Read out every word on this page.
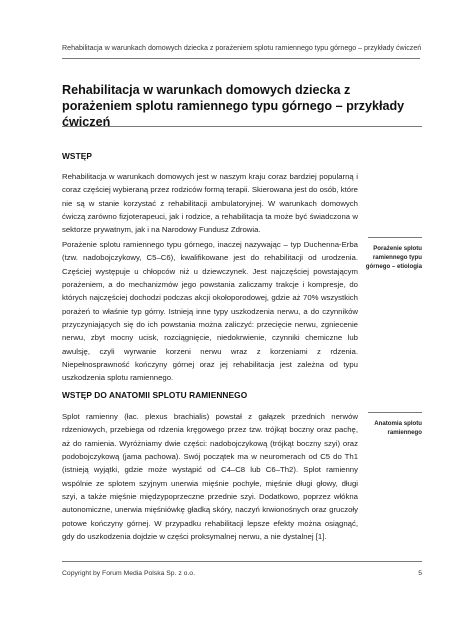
Rehabilitacja w warunkach domowych dziecka z porażeniem splotu ramiennego typu górnego – przykłady ćwiczeń
Rehabilitacja w warunkach domowych dziecka z porażeniem splotu ramiennego typu górnego – przykłady ćwiczeń
WSTĘP

Rehabilitacja w warunkach domowych jest w naszym kraju coraz bardziej popularną i coraz częściej wybieraną przez rodziców formą terapii. Skierowana jest do osób, które nie są w stanie korzystać z rehabilitacji ambulatoryjnej. W warunkach domowych ćwiczą zarówno fizjoterapeuci, jak i rodzice, a rehabilitacja ta może być świadczona w sektorze prywatnym, jak i na Narodowy Fundusz Zdrowia.

Porażenie splotu ramiennego typu górnego, inaczej nazywając – typ Duchenna-Erba (tzw. nadobojczykowy, C5–C6), kwalifikowane jest do rehabilitacji od urodzenia. Częściej występuje u chłopców niż u dziewczynek. Jest najczęściej powstającym porażeniem, a do mechanizmów jego powstania zaliczamy trakcje i kompresje, do których najczęściej dochodzi podczas akcji okołoporodowej, gdzie aż 70% wszystkich porażeń to właśnie typ górny. Istnieją inne typy uszkodzenia nerwu, a do czynników przyczyniających się do ich powstania można zaliczyć: przecięcie nerwu, zgniecenie nerwu, zbyt mocny ucisk, rozciągnięcie, niedokrwienie, czynniki chemiczne lub awulsję, czyli wyrwanie korzeni nerwu wraz z korzeniami z rdzenia. Niepełnosprawność kończyny górnej oraz jej rehabilitacja jest zależna od typu uszkodzenia splotu ramiennego.

Porażenie splotu ramiennego typu górnego – etiologia

WSTĘP DO ANATOMII SPLOTU RAMIENNEGO

Anatomia splotu ramiennego

Splot ramienny (łac. plexus brachialis) powstał z gałązek przednich nerwów rdzeniowych, przebiega od rdzenia kręgowego przez tzw. trójkąt boczny oraz pachę, aż do ramienia. Wyróżniamy dwie części: nadobojczykową (trójkąt boczny szyi) oraz podobojczykową (jama pachowa). Swój początek ma w neuromerach od C5 do Th1 (istnieją wyjątki, gdzie może wystąpić od C4–C8 lub C6–Th2). Splot ramienny wspólnie ze splotem szyjnym unerwia mięśnie pochyłe, mięśnie długi głowy, długi szyi, a także mięśnie międzypoprzeczne przednie szyi. Dodatkowo, poprzez włókna autonomiczne, unerwia mięśniówkę gładką skóry, naczyń krwionośnych oraz gruczoły potowe kończyny górnej. W przypadku rehabilitacji lepsze efekty można osiągnąć, gdy do uszkodzenia dojdzie w części proksymalnej nerwu, a nie dystalnej [1].

Copyright by Forum Media Polska Sp. z o.o.	5
